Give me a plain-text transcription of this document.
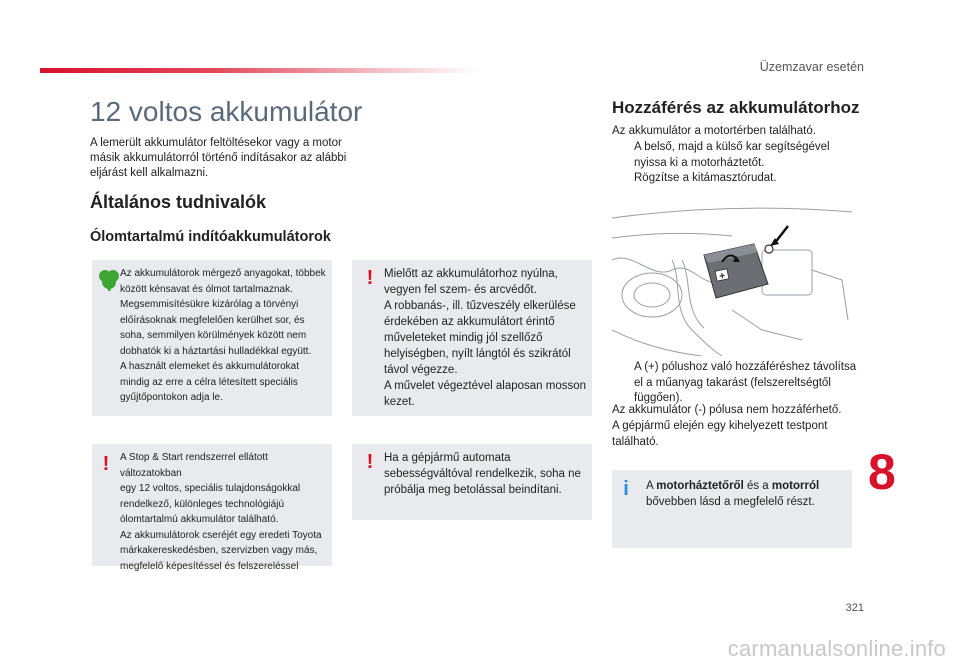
Üzemzavar esetén
12 voltos akkumulátor

A lemerült akkumulátor feltöltésekor vagy a motor másik akkumulátorról történő indításakor az alábbi eljárást kell alkalmazni.

Általános tudnivalók
Ólomtartalmú indítóakkumulátorok

Az akkumulátorok mérgező anyagokat, többek
között kénsavat és ólmot tartalmaznak.
Megsemmisítésükre kizárólag a törvényi
előírásoknak megfelelően kerülhet sor, és
soha, semmilyen körülmények között nem
dobhatók ki a háztartási hulladékkal együtt.
A használt elemeket és akkumulátorokat
mindig az erre a célra létesített speciális
gyűjtőpontokon adja le.

! A Stop & Start rendszerrel ellátott változatokban
egy 12 voltos, speciális tulajdonságokkal
rendelkező, különleges technológiájú
ólomtartalmú akkumulátor található.
Az akkumulátorok cseréjét egy eredeti Toyota
márkakereskedésben, szervizben vagy más,
megfelelő képesítéssel és felszereléssel

! Mielőtt az akkumulátorhoz nyúlna,
vegyen fel szem- és arcvédőt.
A robbanás-, ill. tűzveszély elkerülése
érdekében az akkumulátort érintő
műveleteket mindig jól szellőző
helyiségben, nyílt lángtól és szikrától
távol végezze.
A művelet végeztével alaposan mosson
kezet.

! Ha a gépjármű automata
sebességváltóval rendelkezik, soha ne
próbálja meg betolással beindítani.

Hozzáférés az akkumulátorhoz

Az akkumulátor a motortérben található.

A belső, majd a külső kar segítségével
nyissa ki a motorháztetőt.

Rögzítse a kitámasztórudat.

+

A (+) pólushoz való hozzáféréshez távolítsa
el a műanyag takarást (felszereltségtől
függően).

Az akkumulátor (-) pólusa nem hozzáférhető.

A gépjármű elején egy kihelyezett testpont
található.

i A motorháztetőről és a motorról
bővebben lásd a megfelelő részt.

8
321
carmanualsonline.info
